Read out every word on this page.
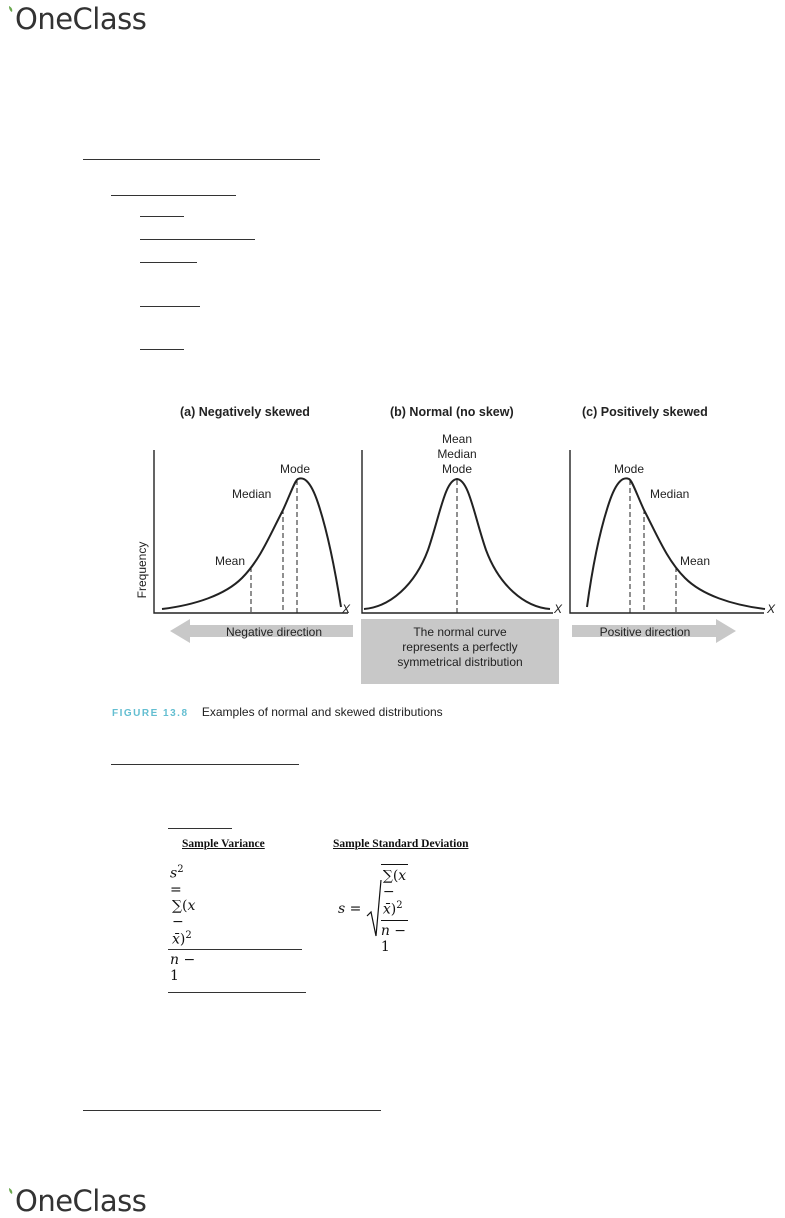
OneClass
(a) Negatively skewed	(b) Normal (no skew)	(c) Positively skewed
Frequency
Mode
Median
Mean
X
Mean
Median
Mode
X
Mode
Median
Mean
X
Negative direction	The normal curve
represents a perfectly
symmetrical distribution
Positive direction
FIGURE 13.8 Examples of normal and skewed distributions
Sample Variance	Sample Standard Deviation
$s^2$ =
$\frac{\sum(x - x̄)^2}{n - 1}$	$s = \frac{\sum(x - x̄)^2}{n - 1}$
OneClass
